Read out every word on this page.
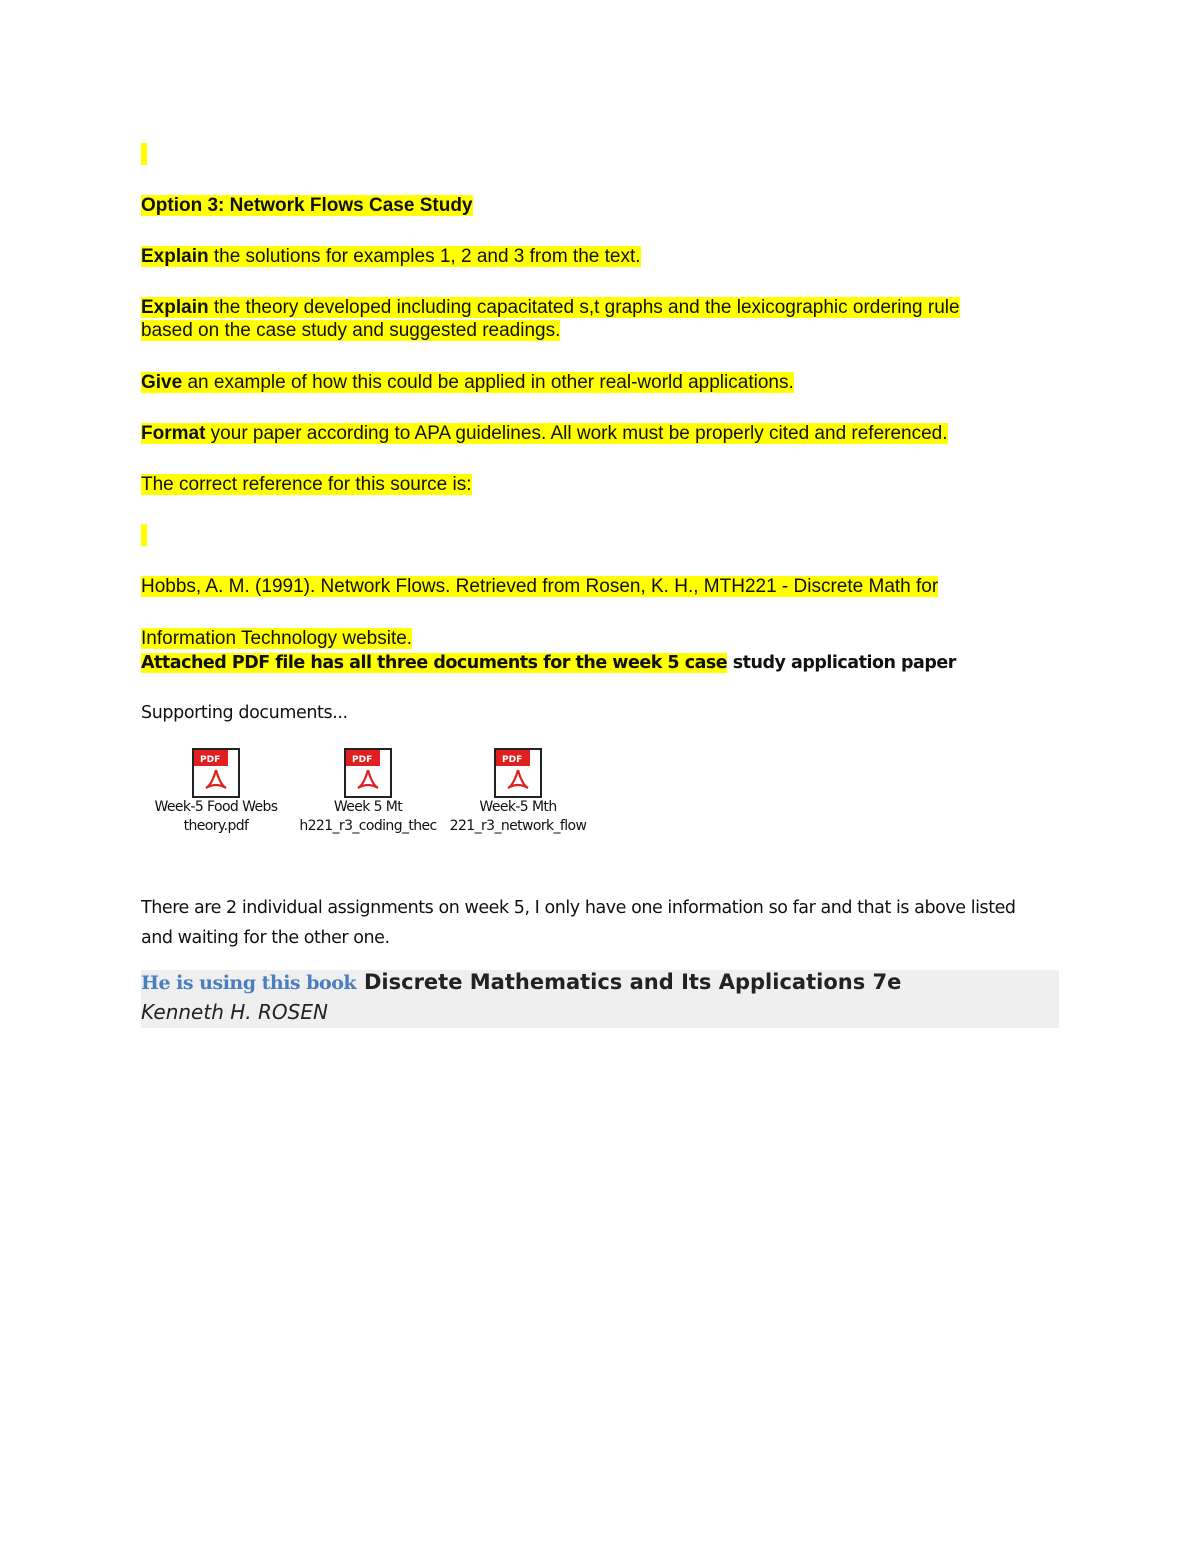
Option 3: Network Flows Case Study
Explain the solutions for examples 1, 2 and 3 from the text.
Explain the theory developed including capacitated s,t graphs and the lexicographic ordering rule
based on the case study and suggested readings.
Give an example of how this could be applied in other real-world applications.
Format your paper according to APA guidelines. All work must be properly cited and referenced.
The correct reference for this source is:
Hobbs, A. M. (1991). Network Flows. Retrieved from Rosen, K. H., MTH221 - Discrete Math for
Information Technology website.
Attached PDF file has all three documents for the week 5 case study application paper
Supporting documents...
PDF
Week-5 Food Webs
theory.pdf
PDF
Week 5 Mt
h221_r3_coding_thec
PDF
Week-5 Mth
221_r3_network_flow
There are 2 individual assignments on week 5, I only have one information so far and that is above listed
and waiting for the other one.
He is using this book Discrete Mathematics and Its Applications 7e
Kenneth H. ROSEN
